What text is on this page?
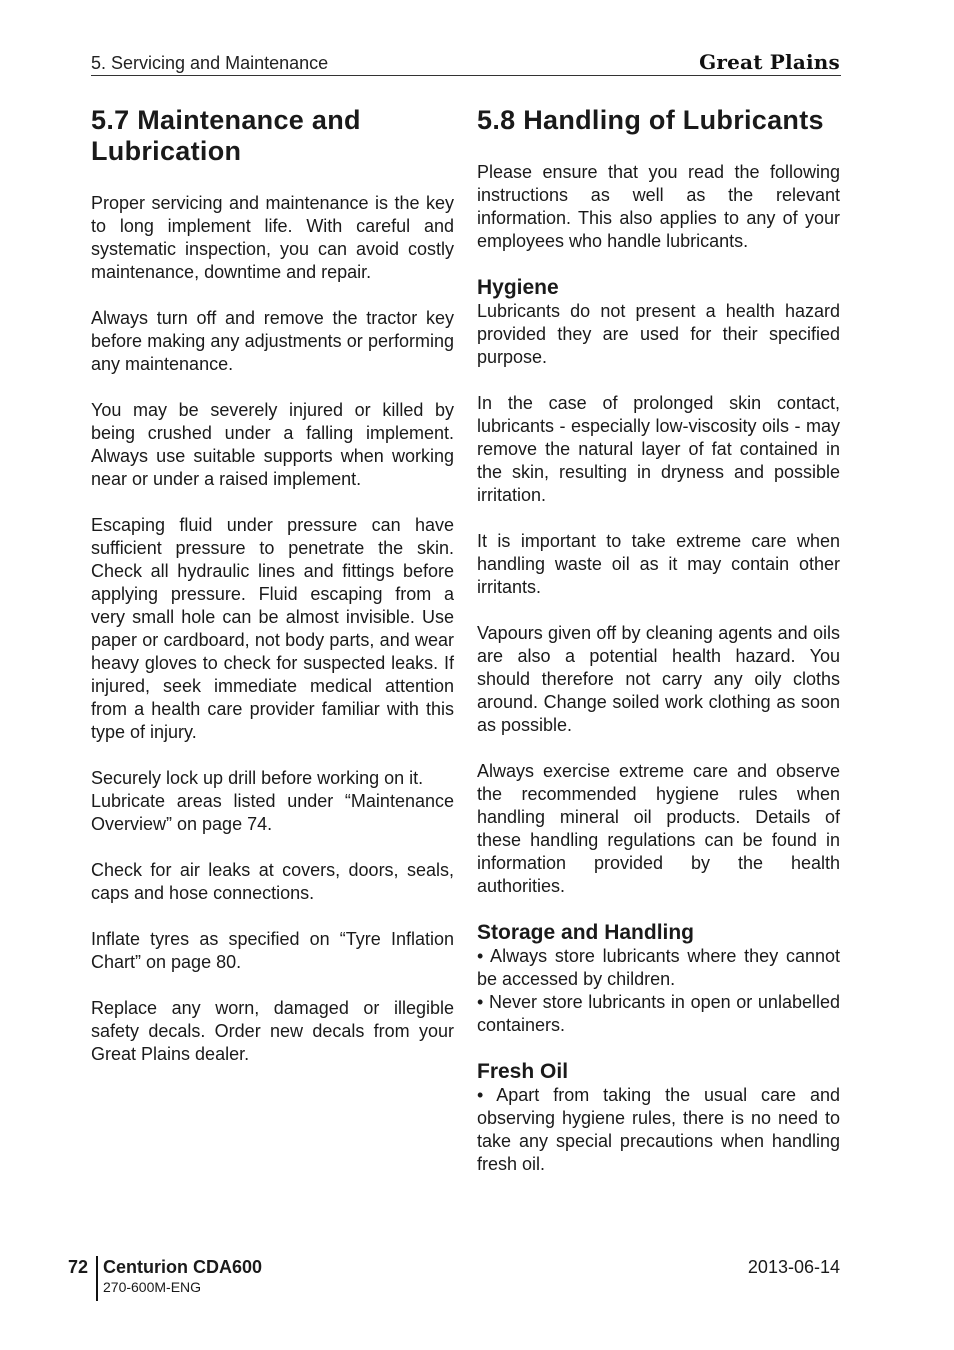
5. Servicing and Maintenance	Great Plains
5.7 Maintenance and Lubrication

Proper servicing and maintenance is the key to long implement life. With careful and systematic inspection, you can avoid costly maintenance, downtime and repair.

Always turn off and remove the tractor key before making any adjustments or performing any maintenance.

You may be severely injured or killed by being crushed under a falling implement. Always use suitable supports when working near or under a raised implement.

Escaping fluid under pressure can have sufficient pressure to penetrate the skin. Check all hydraulic lines and fittings before applying pressure. Fluid escaping from a very small hole can be almost invisible. Use paper or cardboard, not body parts, and wear heavy gloves to check for suspected leaks. If injured, seek immediate medical attention from a health care provider familiar with this type of injury.

Securely lock up drill before working on it.

Lubricate areas listed under “Maintenance Overview” on page 74.

Check for air leaks at covers, doors, seals, caps and hose connections.

Inflate tyres as specified on “Tyre Inflation Chart” on page 80.

Replace any worn, damaged or illegible safety decals. Order new decals from your Great Plains dealer.

5.8 Handling of Lubricants

Please ensure that you read the following instructions as well as the relevant information. This also applies to any of your employees who handle lubricants.

Hygiene

Lubricants do not present a health hazard provided they are used for their specified purpose.

In the case of prolonged skin contact, lubricants - especially low-viscosity oils - may remove the natural layer of fat contained in the skin, resulting in dryness and possible irritation.

It is important to take extreme care when handling waste oil as it may contain other irritants.

Vapours given off by cleaning agents and oils are also a potential health hazard. You should therefore not carry any oily cloths around. Change soiled work clothing as soon as possible.

Always exercise extreme care and observe the recommended hygiene rules when handling mineral oil products. Details of these handling regulations can be found in information provided by the health authorities.

Storage and Handling

• Always store lubricants where they cannot be accessed by children.

• Never store lubricants in open or unlabelled containers.

Fresh Oil

• Apart from taking the usual care and observing hygiene rules, there is no need to take any special precautions when handling fresh oil.

72 Centurion CDA600
270-600M-ENG
2013-06-14
